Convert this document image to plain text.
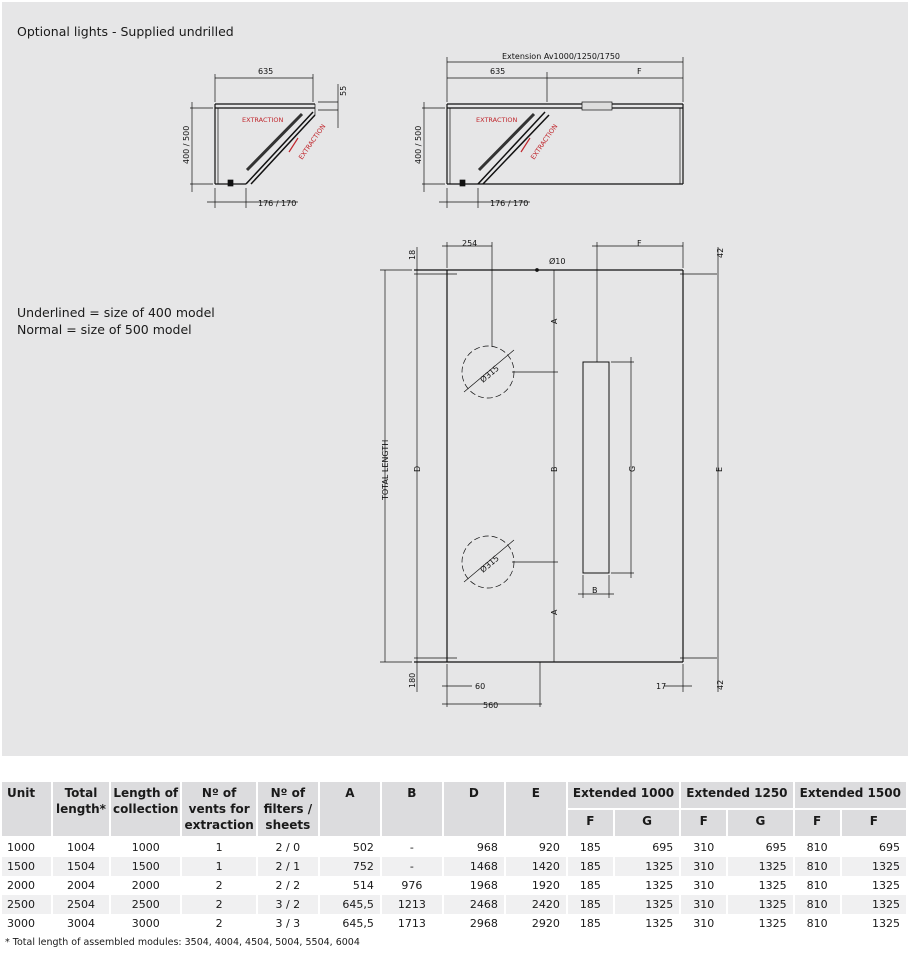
Optional lights - Supplied undrilled
Underlined = size of 400 model
Normal = size of 500 model
635
55
400 / 500
176 / 170
EXTRACTION
EXTRACTION
Extension Av1000/1250/1750
635	F
400 / 500
176 / 170
EXTRACTION
EXTRACTION
254	F
42
18
Ø10
A
B
A
G	E
D
TOTAL LENGTH
Ø315
Ø315
B
180	60
560
17	42
Unit	Total length*	Length of collection	Nº of vents for extraction	Nº of filters / sheets	A	B	D	E	Extended 1000		Extended 1250		Extended 1500	
									F	G	F	G	F	F
1000	1004	1000	1	2 / 0	502	-	968	920	185	695	310	695	810	695
1500	1504	1500	1	2 / 1	752	-	1468	1420	185	1325	310	1325	810	1325
2000	2004	2000	2	2 / 2	514	976	1968	1920	185	1325	310	1325	810	1325
2500	2504	2500	2	3 / 2	645,5	1213	2468	2420	185	1325	310	1325	810	1325
3000	3004	3000	2	3 / 3	645,5	1713	2968	2920	185	1325	310	1325	810	1325
* Total length of assembled modules: 3504, 4004, 4504, 5004, 5504, 6004
